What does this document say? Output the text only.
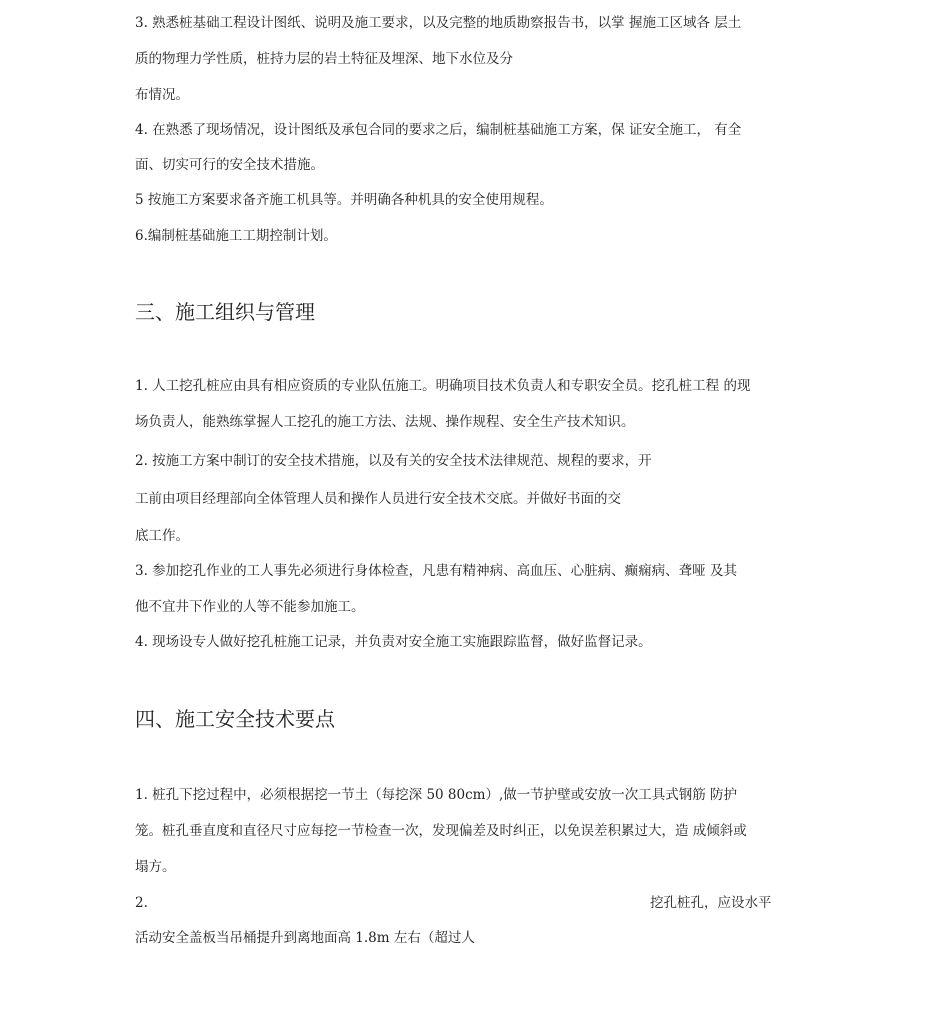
3. 熟悉桩基础工程设计图纸、说明及施工要求，以及完整的地质勘察报告书，以掌 握施工区域各 层土
质的物理力学性质，桩持力层的岩土特征及埋深、地下水位及分
布情况。
4. 在熟悉了现场情况，设计图纸及承包合同的要求之后，编制桩基础施工方案，保 证安全施工， 有全
面、切实可行的安全技术措施。
5 按施工方案要求备齐施工机具等。并明确各种机具的安全使用规程。
6.编制桩基础施工工期控制计划。
三、施工组织与管理
1. 人工挖孔桩应由具有相应资质的专业队伍施工。明确项目技术负责人和专职安全员。挖孔桩工程 的现
场负责人，能熟练掌握人工挖孔的施工方法、法规、操作规程、安全生产技术知识。
2. 按施工方案中制订的安全技术措施，以及有关的安全技术法律规范、规程的要求，开
工前由项目经理部向全体管理人员和操作人员进行安全技术交底。并做好书面的交
底工作。
3. 参加挖孔作业的工人事先必须进行身体检查，凡患有精神病、高血压、心脏病、癫痫病、聋哑 及其
他不宜井下作业的人等不能参加施工。
4. 现场设专人做好挖孔桩施工记录，并负责对安全施工实施跟踪监督，做好监督记录。
四、施工安全技术要点
1. 桩孔下挖过程中，必须根据挖一节土（每挖深 50 80cm）,做一节护壁或安放一次工具式钢筋 防护
笼。桩孔垂直度和直径尺寸应每挖一节检查一次，发现偏差及时纠正，以免误差积累过大，造 成倾斜或
塌方。
2.	挖孔桩孔，应设水平
活动安全盖板当吊桶提升到离地面高 1.8m 左右（超过人
